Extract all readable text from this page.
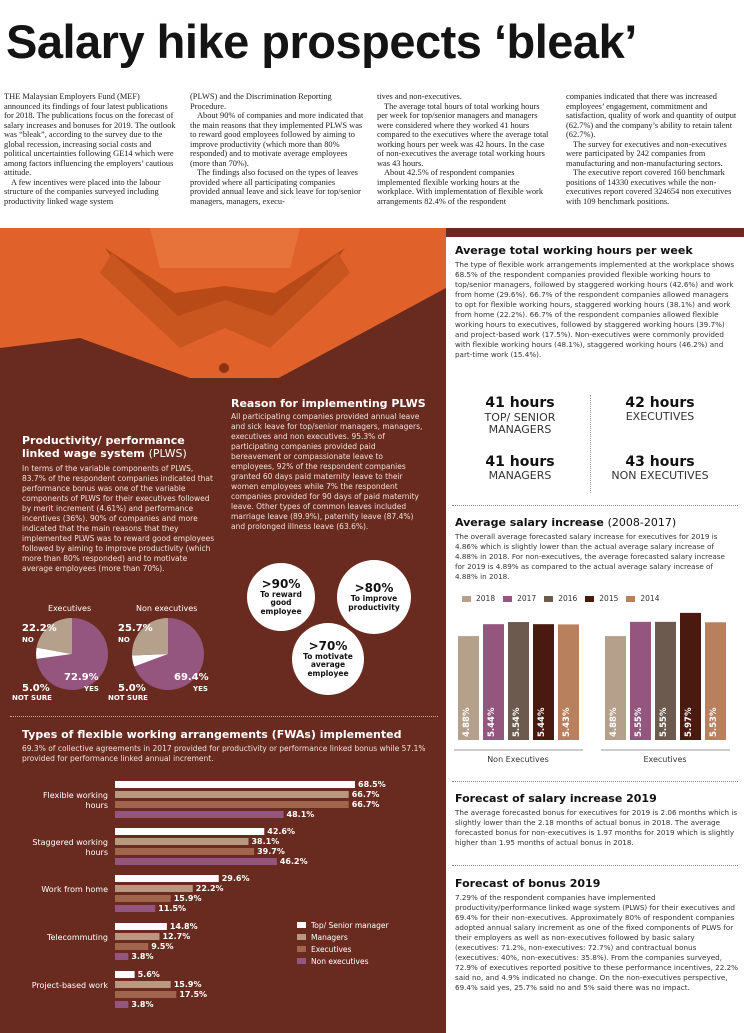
Salary hike prospects ‘bleak’

THE Malaysian Employers Fund (MEF) announced its findings of four latest publications for 2018. The publications focus on the forecast of salary increases and bonuses for 2019. The outlook was “bleak”, according to the survey due to the global recession, increasing social costs and political uncertainties following GE14 which were among factors influencing the employers’ cautious attitude.

A few incentives were placed into the labour structure of the companies surveyed including productivity linked wage system

(PLWS) and the Discrimination Reporting Procedure.

About 90% of companies and more indicated that the main reasons that they implemented PLWS was to reward good employees followed by aiming to improve productivity (which more than 80% responded) and to motivate average employees (more than 70%).

The findings also focused on the types of leaves provided where all participating companies provided annual leave and sick leave for top/senior managers, managers, execu-

tives and non-executives.

The average total hours of total working hours per week for top/senior managers and managers were considered where they worked 41 hours compared to the executives where the average total working hours per week was 42 hours. In the case of non-executives the average total working hours was 43 hours.

About 42.5% of respondent companies implemented flexible working hours at the workplace. With implementation of flexible work arrangements 82.4% of the respondent

companies indicated that there was increased employees’ engagement, commitment and satisfaction, quality of work and quantity of output (62.7%) and the company’s ability to retain talent (62.7%).

The survey for executives and non-executives were participated by 242 companies from manufacturing and non-manufacturing sectors.

The executive report covered 160 benchmark positions of 14330 executives while the non-executives report covered 324654 non executives with 109 benchmark positions.

Productivity/ performance linked wage system (PLWS)
In terms of the variable components of PLWS, 83.7% of the respondent companies indicated that performance bonus was one of the variable components of PLWS for their executives followed by merit increment (4.61%) and performance incentives (36%). 90% of companies and more indicated that the main reasons that they implemented PLWS was to reward good employees followed by aiming to improve productivity (which more than 80% responded) and to motivate average employees (more than 70%).
Executives	Non executives
22.2%
NO
72.9%
YES
5.0%
NOT SURE
25.7%
NO
69.4%
YES
5.0%
NOT SURE
Reason for implementing PLWS
All participating companies provided annual leave and sick leave for top/senior managers, managers, executives and non executives. 95.3% of participating companies provided paid bereavement or compassionate leave to employees, 92% of the respondent companies granted 60 days paid maternity leave to their women employees while 7% the respondent companies provided for 90 days of paid maternity leave. Other types of common leaves included marriage leave (89.9%), paternity leave (87.4%) and prolonged illness leave (63.6%).
>90%
To reward good employee
>80%
To improve productivity
>70%
To motivate average employee
Types of flexible working arrangements (FWAs) implemented
69.3% of collective agreements in 2017 provided for productivity or performance linked bonus while 57.1% provided for performance linked annual increment.
Flexible working hours
68.5%
66.7%
66.7%
48.1%
Staggered working hours
42.6%
38.1%
39.7%
46.2%
Work from home
29.6%
22.2%
15.9%
11.5%
Telecommuting
14.8%
12.7%
9.5%
3.8%
Project-based work
5.6%
15.9%
17.5%
3.8%
Top/ Senior manager
Managers
Executives
Non executives
Average total working hours per week
The type of flexible work arrangements implemented at the workplace shows 68.5% of the respondent companies provided flexible working hours to top/senior managers, followed by staggered working hours (42.6%) and work from home (29.6%). 66.7% of the respondent companies allowed managers to opt for flexible working hours, staggered working hours (38.1%) and work from home (22.2%). 66.7% of the respondent companies allowed flexible working hours to executives, followed by staggered working hours (39.7%) and project-based work (17.5%). Non-executives were commonly provided with flexible working hours (48.1%), staggered working hours (46.2%) and part-time work (15.4%).
41 hours
TOP/ SENIOR MANAGERS
42 hours
EXECUTIVES
41 hours
MANAGERS
43 hours
NON EXECUTIVES
Average salary increase (2008-2017)
The overall average forecasted salary increase for executives for 2019 is 4.86% which is slightly lower than the actual average salary increase of 4.88% in 2018. For non-executives, the average forecasted salary increase for 2019 is 4.89% as compared to the actual average salary increase of 4.88% in 2018.
2018	2017	2016	2015	2014
4.88% 5.44% 5.54% 5.44% 5.43%
Non Executives
4.88% 5.55% 5.55% 5.97% 5.53%
Executives
Forecast of salary increase 2019
The average forecasted bonus for executives for 2019 is 2.06 months which is slightly lower than the 2.18 months of actual bonus in 2018. The average forecasted bonus for non-executives is 1.97 months for 2019 which is slightly higher than 1.95 months of actual bonus in 2018.
Forecast of bonus 2019
7.29% of the respondent companies have implemented productivity/performance linked wage system (PLWS) for their executives and 69.4% for their non-executives. Approximately 80% of respondent companies adopted annual salary increment as one of the fixed components of PLWS for their employers as well as non-executives followed by basic salary (executives: 71.2%, non-executives: 72.7%) and contractual bonus (executives: 40%, non-executives: 35.8%). From the companies surveyed, 72.9% of executives reported positive to these performance incentives, 22.2% said no, and 4.9% indicated no change. On the non-executives perspective, 69.4% said yes, 25.7% said no and 5% said there was no impact.
